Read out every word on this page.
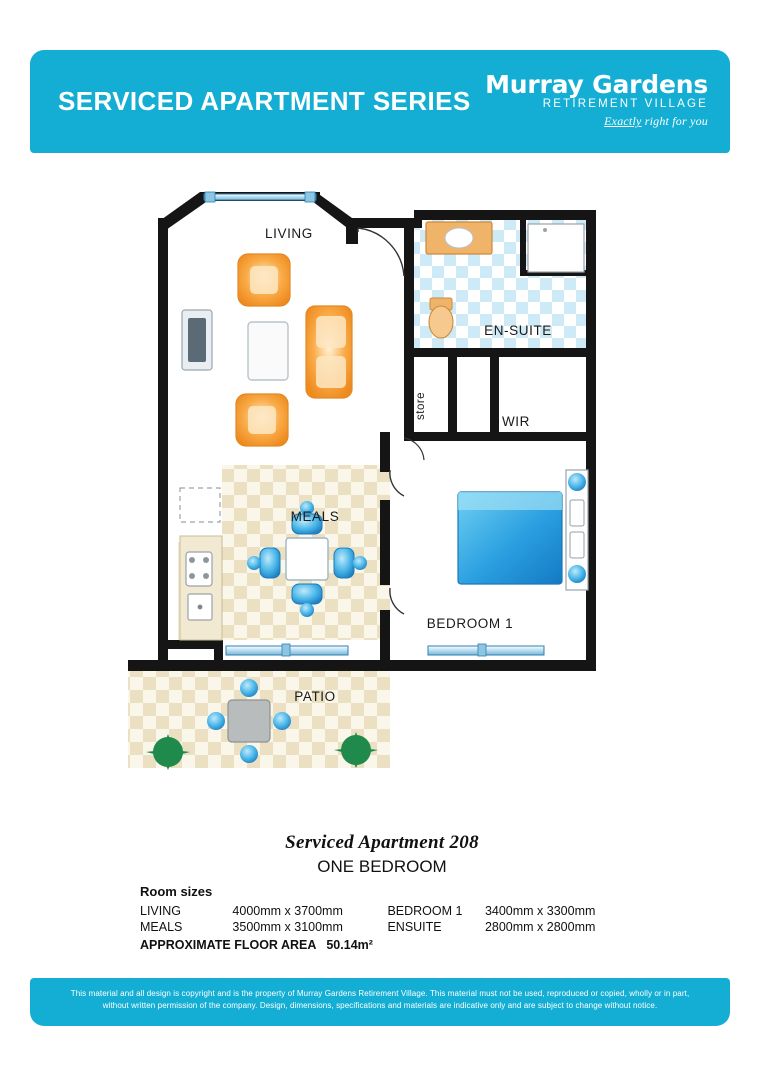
SERVICED APARTMENT SERIES
Murray Gardens
RETIREMENT VILLAGE
Exactly right for you
LIVING
EN-SUITE
store
WIR
MEALS
BEDROOM 1
PATIO
Serviced Apartment 208
ONE BEDROOM
Room sizes
LIVING	4000mm x 3700mm	BEDROOM 1	3400mm x 3300mm
MEALS	3500mm x 3100mm	ENSUITE	2800mm x 2800mm
APPROXIMATE FLOOR AREA 50.14m²
This material and all design is copyright and is the property of Murray Gardens Retirement Village. This material must not be used, reproduced or copied, wholly or in part,
without written permission of the company. Design, dimensions, specifications and materials are indicative only and are subject to change without notice.
